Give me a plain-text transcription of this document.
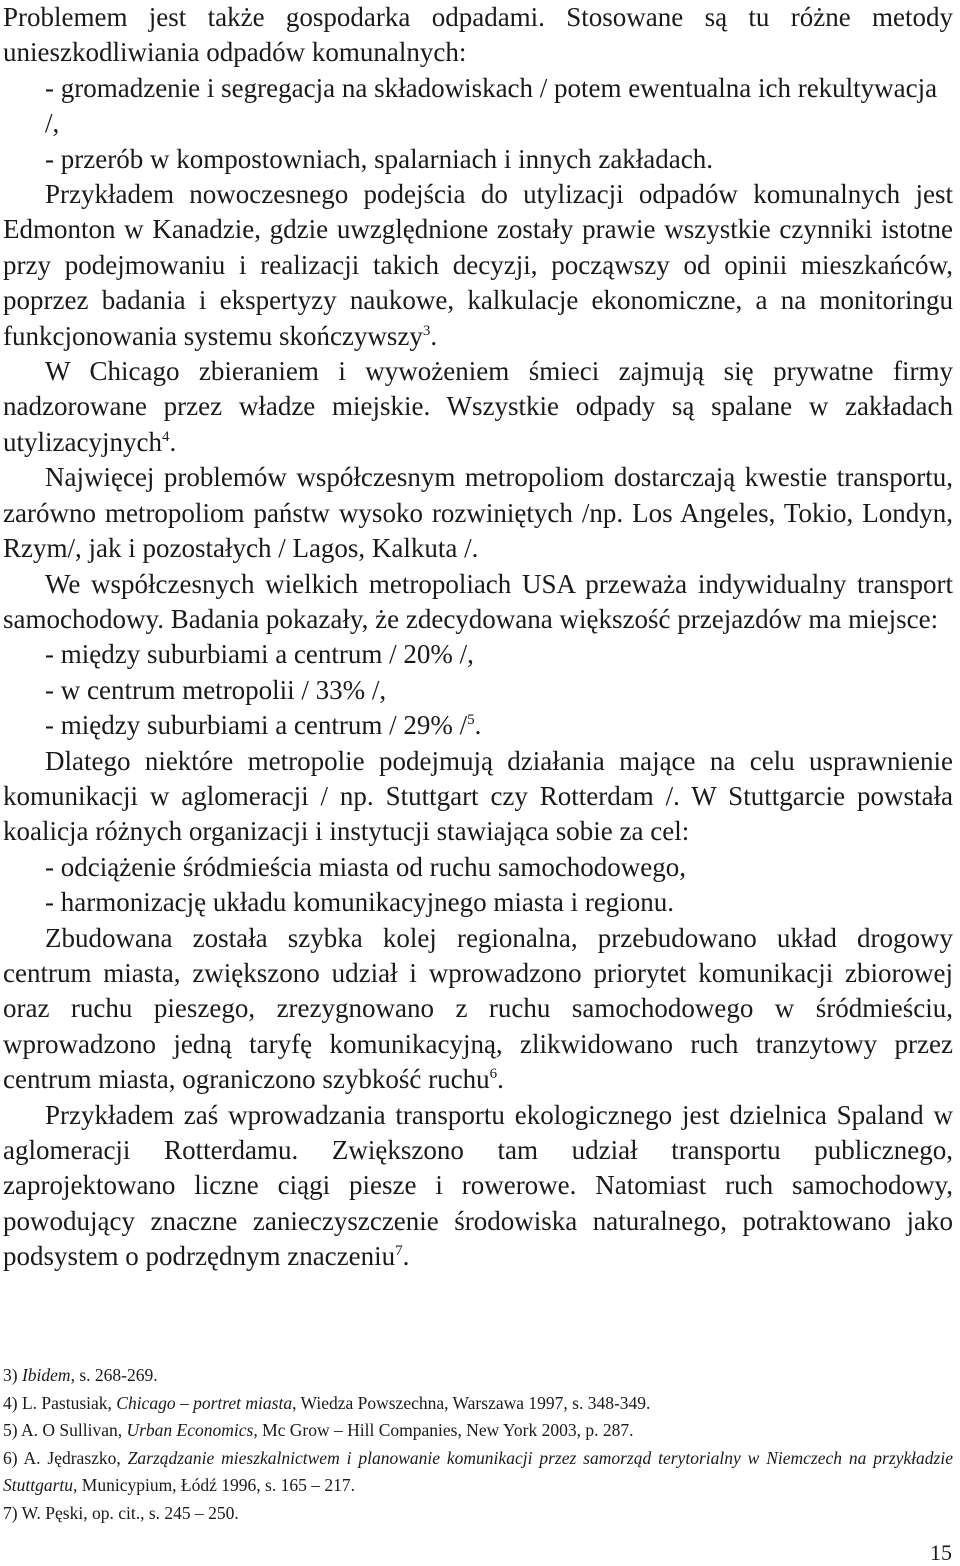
Problemem jest także gospodarka odpadami. Stosowane są tu różne metody unieszkodliwiania odpadów komunalnych:

- gromadzenie i segregacja na składowiskach / potem ewentualna ich rekultywacja /,

- przerób w kompostowniach, spalarniach i innych zakładach.

Przykładem nowoczesnego podejścia do utylizacji odpadów komunalnych jest Edmonton w Kanadzie, gdzie uwzględnione zostały prawie wszystkie czynniki istotne przy podejmowaniu i realizacji takich decyzji, począwszy od opinii mieszkańców, poprzez badania i ekspertyzy naukowe, kalkulacje ekonomiczne, a na monitoringu funkcjonowania systemu skończywszy$^3$.

W Chicago zbieraniem i wywożeniem śmieci zajmują się prywatne firmy nadzorowane przez władze miejskie. Wszystkie odpady są spalane w zakładach utylizacyjnych$^4$.

Najwięcej problemów współczesnym metropoliom dostarczają kwestie transportu, zarówno metropoliom państw wysoko rozwiniętych /np. Los Angeles, Tokio, Londyn, Rzym/, jak i pozostałych / Lagos, Kalkuta /.

We współczesnych wielkich metropoliach USA przeważa indywidualny transport samochodowy. Badania pokazały, że zdecydowana większość przejazdów ma miejsce:

- między suburbiami a centrum / 20% /,

- w centrum metropolii / 33% /,

- między suburbiami a centrum / 29% /$^5$.

Dlatego niektóre metropolie podejmują działania mające na celu usprawnienie komunikacji w aglomeracji / np. Stuttgart czy Rotterdam /. W Stuttgarcie powstała koalicja różnych organizacji i instytucji stawiająca sobie za cel:

- odciążenie śródmieścia miasta od ruchu samochodowego,

- harmonizację układu komunikacyjnego miasta i regionu.

Zbudowana została szybka kolej regionalna, przebudowano układ drogowy centrum miasta, zwiększono udział i wprowadzono priorytet komunikacji zbiorowej oraz ruchu pieszego, zrezygnowano z ruchu samochodowego w śródmieściu, wprowadzono jedną taryfę komunikacyjną, zlikwidowano ruch tranzytowy przez centrum miasta, ograniczono szybkość ruchu$^6$.

Przykładem zaś wprowadzania transportu ekologicznego jest dzielnica Spaland w aglomeracji Rotterdamu. Zwiększono tam udział transportu publicznego, zaprojektowano liczne ciągi piesze i rowerowe. Natomiast ruch samochodowy, powodujący znaczne zanieczyszczenie środowiska naturalnego, potraktowano jako podsystem o podrzędnym znaczeniu$^7$.

3) Ibidem, s. 268-269.

4) L. Pastusiak, Chicago – portret miasta, Wiedza Powszechna, Warszawa 1997, s. 348-349.

5) A. O Sullivan, Urban Economics, Mc Grow – Hill Companies, New York 2003, p. 287.

6) A. Jędraszko, Zarządzanie mieszkalnictwem i planowanie komunikacji przez samorząd terytorialny w Niemczech na przykładzie Stuttgartu, Municypium, Łódź 1996, s. 165 – 217.

7) W. Pęski, op. cit., s. 245 – 250.

15
